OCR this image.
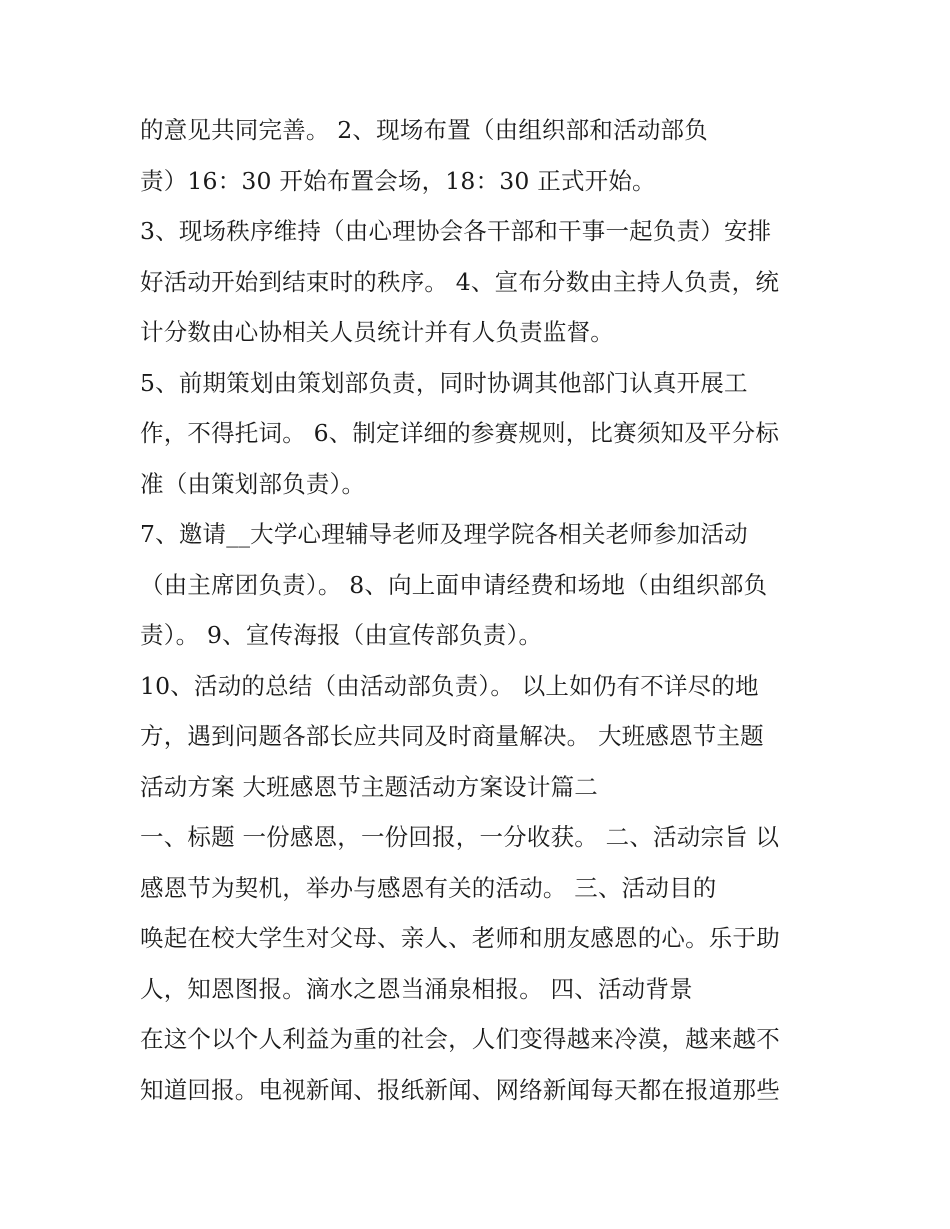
的意见共同完善。 2、现场布置（由组织部和活动部负
责）16：30 开始布置会场，18：30 正式开始。
3、现场秩序维持（由心理协会各干部和干事一起负责）安排
好活动开始到结束时的秩序。 4、宣布分数由主持人负责，统
计分数由心协相关人员统计并有人负责监督。
5、前期策划由策划部负责，同时协调其他部门认真开展工
作，不得托词。 6、制定详细的参赛规则，比赛须知及平分标
准（由策划部负责）。
7、邀请__大学心理辅导老师及理学院各相关老师参加活动
（由主席团负责）。 8、向上面申请经费和场地（由组织部负
责）。 9、宣传海报（由宣传部负责）。
10、活动的总结（由活动部负责）。 以上如仍有不详尽的地
方，遇到问题各部长应共同及时商量解决。 大班感恩节主题
活动方案 大班感恩节主题活动方案设计篇二
一、标题 一份感恩，一份回报，一分收获。 二、活动宗旨 以
感恩节为契机，举办与感恩有关的活动。 三、活动目的
唤起在校大学生对父母、亲人、老师和朋友感恩的心。乐于助
人，知恩图报。滴水之恩当涌泉相报。 四、活动背景
在这个以个人利益为重的社会，人们变得越来冷漠，越来越不
知道回报。电视新闻、报纸新闻、网络新闻每天都在报道那些
